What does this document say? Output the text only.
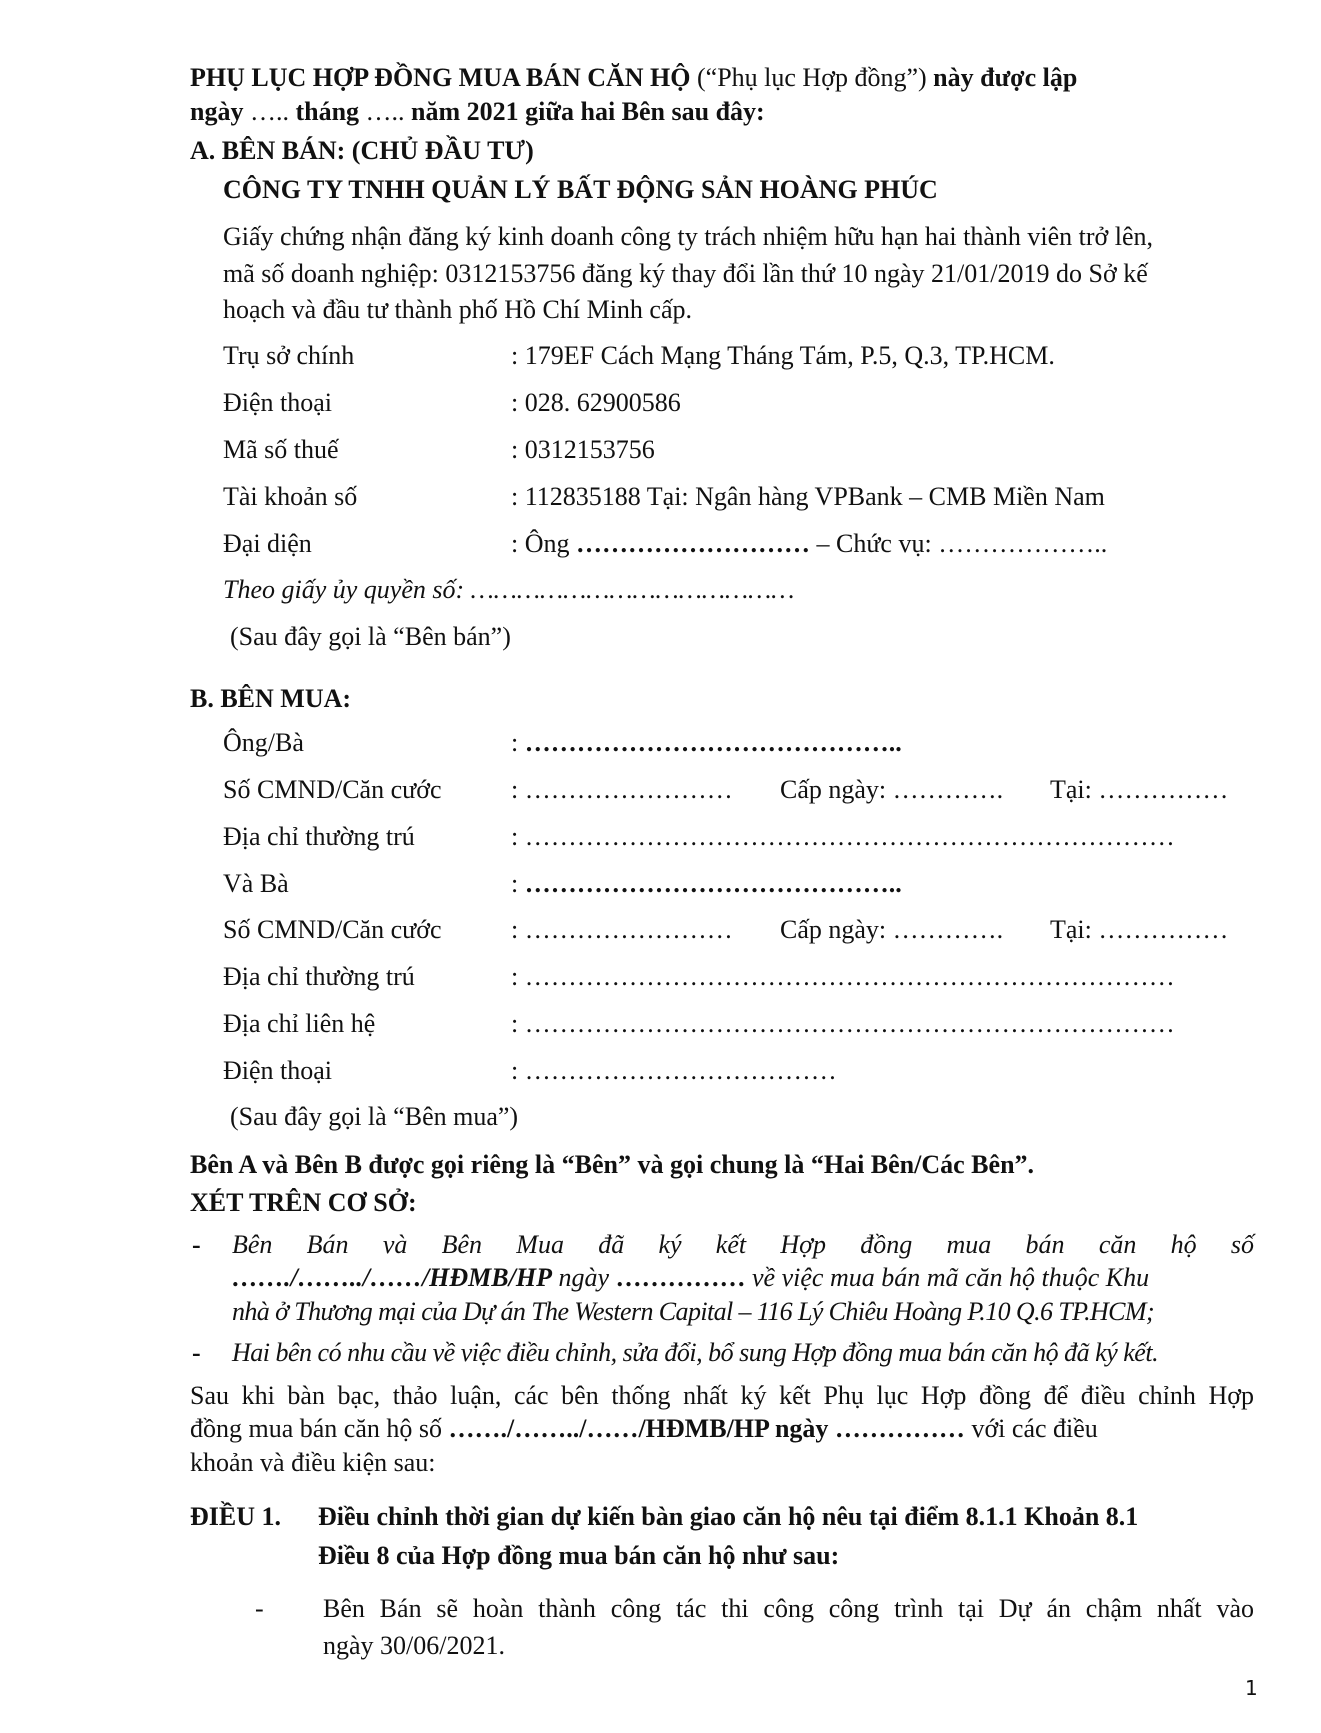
PHỤ LỤC HỢP ĐỒNG MUA BÁN CĂN HỘ (“Phụ lục Hợp đồng”) này được lập
ngày ….. tháng ….. năm 2021 giữa hai Bên sau đây:
A. BÊN BÁN: (CHỦ ĐẦU TƯ)
CÔNG TY TNHH QUẢN LÝ BẤT ĐỘNG SẢN HOÀNG PHÚC
Giấy chứng nhận đăng ký kinh doanh công ty trách nhiệm hữu hạn hai thành viên trở lên,
mã số doanh nghiệp: 0312153756 đăng ký thay đổi lần thứ 10 ngày 21/01/2019 do Sở kế
hoạch và đầu tư thành phố Hồ Chí Minh cấp.
Trụ sở chính	: 179EF Cách Mạng Tháng Tám, P.5, Q.3, TP.HCM.
Điện thoại	: 028. 62900586
Mã số thuế	: 0312153756
Tài khoản số	: 112835188 Tại: Ngân hàng VPBank – CMB Miền Nam
Đại diện	: Ông ……………………… – Chức vụ: ………………..
Theo giấy ủy quyền số: ……………………………………
(Sau đây gọi là “Bên bán”)
B. BÊN MUA:
Ông/Bà	: ……………………………………..
Số CMND/Căn cước	: …………………… Cấp ngày: …………. Tại: ……………
Địa chỉ thường trú	: …………………………………………………………………
Và Bà	: ……………………………………..
Số CMND/Căn cước	: …………………… Cấp ngày: …………. Tại: ……………
Địa chỉ thường trú	: …………………………………………………………………
Địa chỉ liên hệ	: …………………………………………………………………
Điện thoại	: ………………………………
(Sau đây gọi là “Bên mua”)
Bên A và Bên B được gọi riêng là “Bên” và gọi chung là “Hai Bên/Các Bên”.
XÉT TRÊN CƠ SỞ:
- Bên Bán và Bên Mua đã ký kết Hợp đồng mua bán căn hộ số
……./……../……/HĐMB/HP ngày …………… về việc mua bán mã căn hộ thuộc Khu
nhà ở Thương mại của Dự án The Western Capital – 116 Lý Chiêu Hoàng P.10 Q.6 TP.HCM;
- Hai bên có nhu cầu về việc điều chỉnh, sửa đổi, bổ sung Hợp đồng mua bán căn hộ đã ký kết.
Sau khi bàn bạc, thảo luận, các bên thống nhất ký kết Phụ lục Hợp đồng để điều chỉnh Hợp
đồng mua bán căn hộ số ……./……../……/HĐMB/HP ngày …………… với các điều
khoản và điều kiện sau:
ĐIỀU 1. Điều chỉnh thời gian dự kiến bàn giao căn hộ nêu tại điểm 8.1.1 Khoản 8.1
Điều 8 của Hợp đồng mua bán căn hộ như sau:
- Bên Bán sẽ hoàn thành công tác thi công công trình tại Dự án chậm nhất vào
ngày 30/06/2021.
1
